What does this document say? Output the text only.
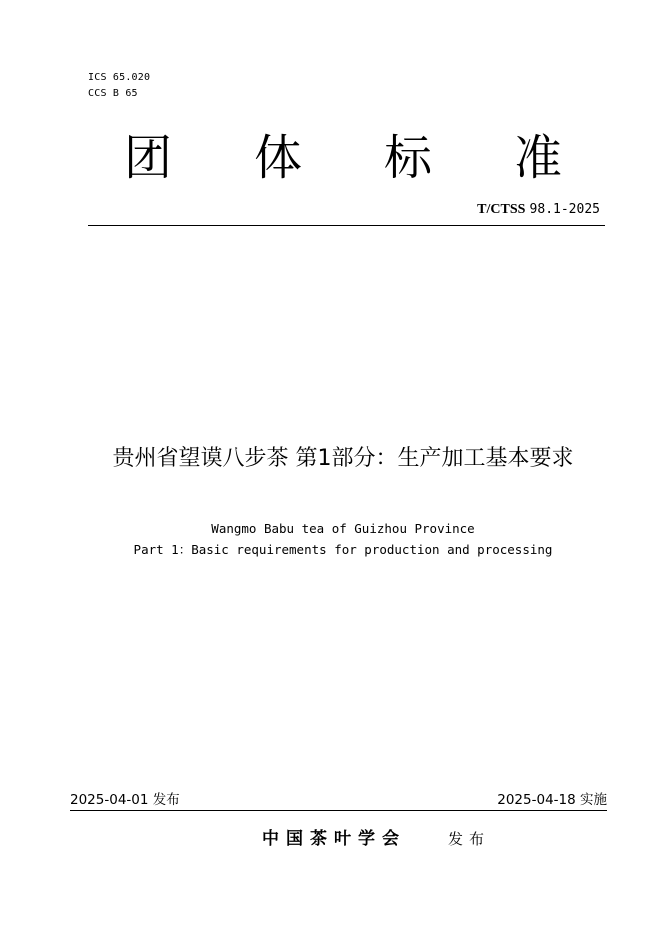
ICS 65.020
CCS B 65
团 体 标 准
T/CTSS 98.1-2025
贵州省望谟八步茶 第1部分：生产加工基本要求
Wangmo Babu tea of Guizhou Province
Part 1：Basic requirements for production and processing
2025-04-01 发布	2025-04-18 实施
中国茶叶学会	发布
